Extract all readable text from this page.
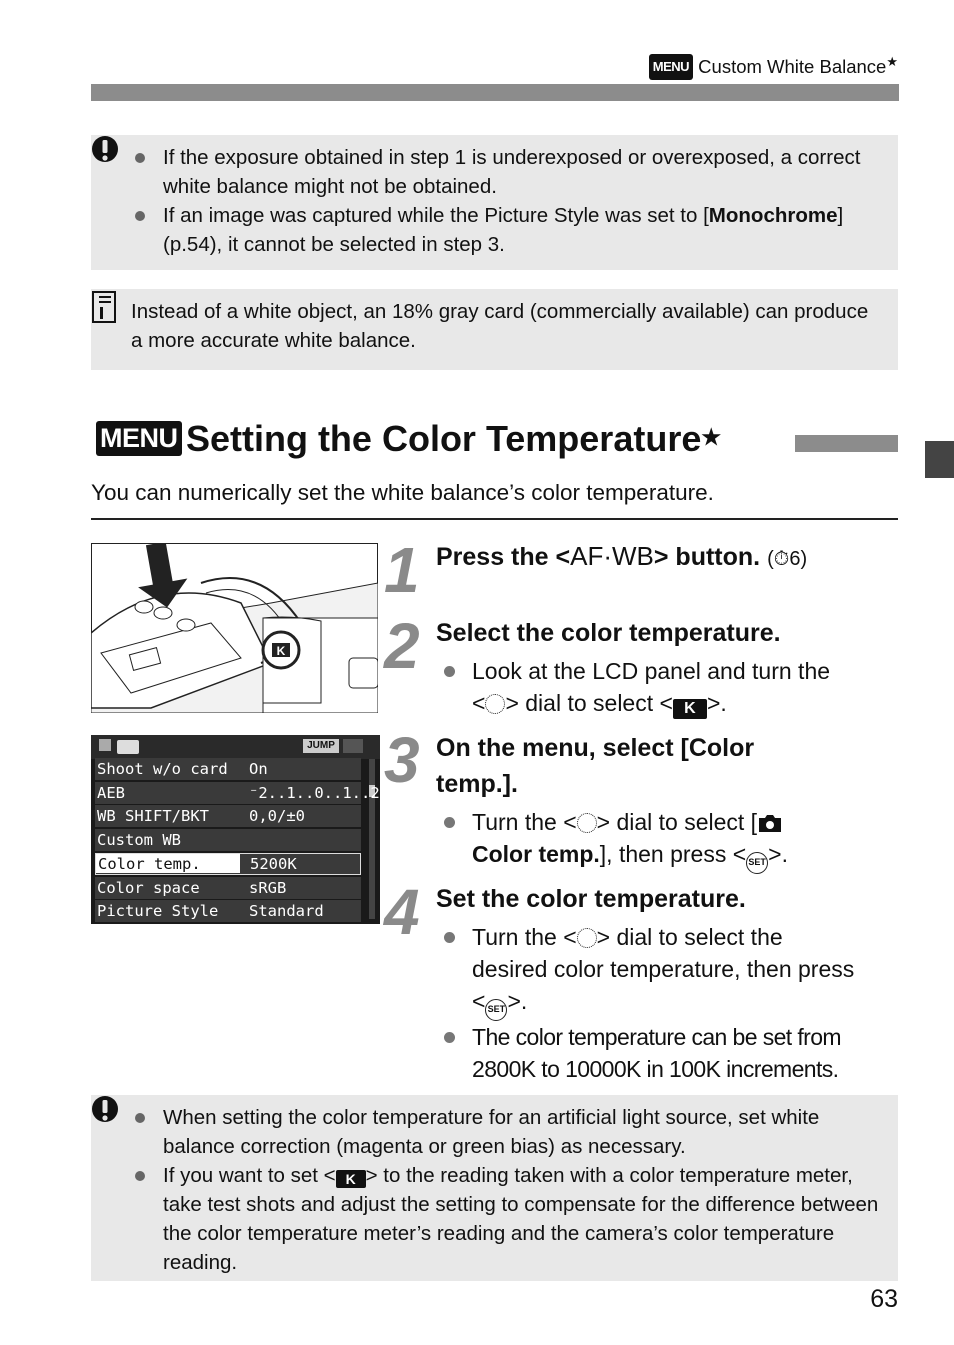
MENU Custom White Balance★
If the exposure obtained in step 1 is underexposed or overexposed, a correct white balance might not be obtained.
If an image was captured while the Picture Style was set to [Monochrome] (p.54), it cannot be selected in step 3.
Instead of a white object, an 18% gray card (commercially available) can produce a more accurate white balance.
MENU Setting the Color Temperature★
You can numerically set the white balance’s color temperature.
K
JUMP
Shoot w/o card On
AEB	⁻2..1..0..1..2⁺
WB SHIFT/BKT	0,0/±0
Custom WB
Color temp.	5200K
Color space	sRGB
Picture Style Standard
1
2
3
4
Press the <AF·WB> button. (⏱6)
Select the color temperature.
Look at the LCD panel and turn the
< > dial to select < K >.
On the menu, select [Color
temp.].
Turn the < > dial to select [
Color temp.], then press < SET>.
Set the color temperature.
Turn the < > dial to select the
desired color temperature, then press
< SET>.
The color temperature can be set from
2800K to 10000K in 100K increments.
When setting the color temperature for an artificial light source, set white balance correction (magenta or green bias) as necessary.
If you want to set < K > to the reading taken with a color temperature meter, take test shots and adjust the setting to compensate for the difference between the color temperature meter’s reading and the camera’s color temperature reading.
63
